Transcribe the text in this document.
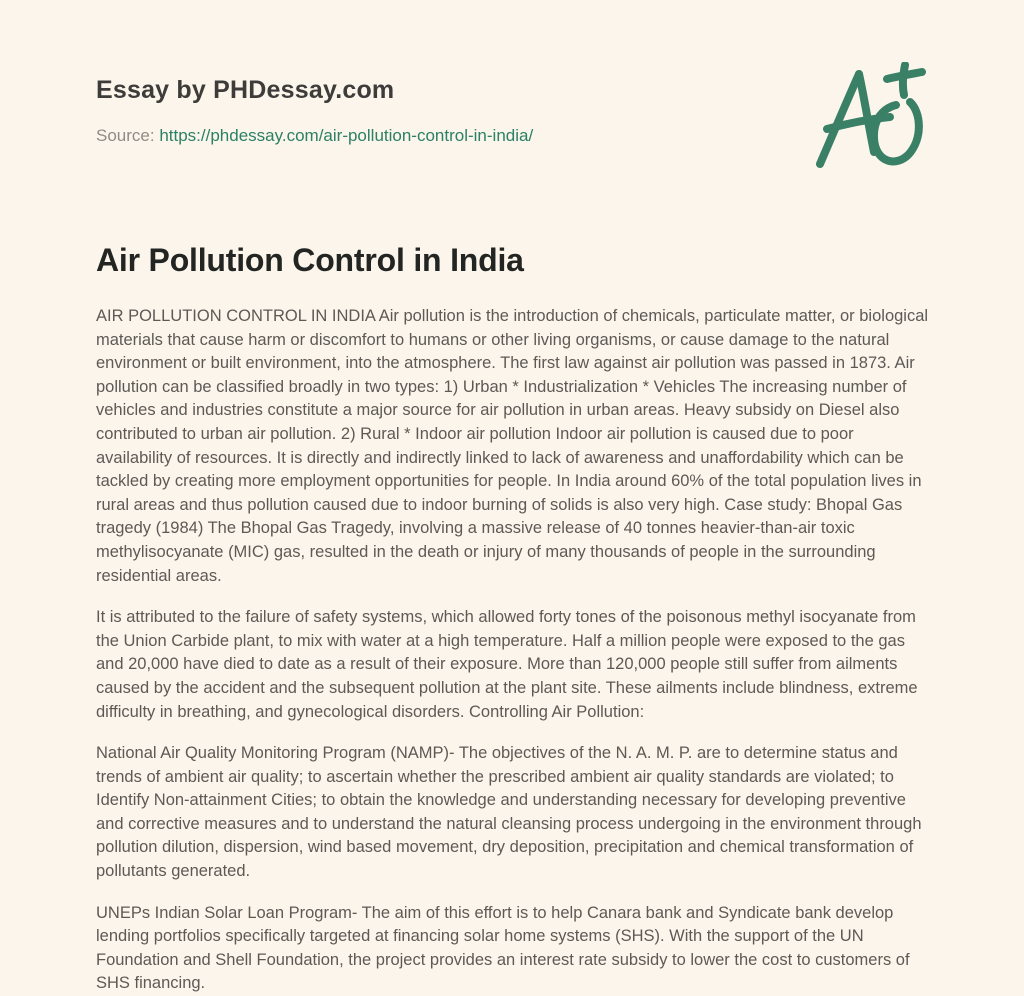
Essay by PHDessay.com
Source: https://phdessay.com/air-pollution-control-in-india/
Air Pollution Control in India

AIR POLLUTION CONTROL IN INDIA Air pollution is the introduction of chemicals, particulate matter, or biological materials that cause harm or discomfort to humans or other living organisms, or cause damage to the natural environment or built environment, into the atmosphere. The first law against air pollution was passed in 1873. Air pollution can be classified broadly in two types: 1) Urban * Industrialization * Vehicles The increasing number of vehicles and industries constitute a major source for air pollution in urban areas. Heavy subsidy on Diesel also contributed to urban air pollution. 2) Rural * Indoor air pollution Indoor air pollution is caused due to poor availability of resources. It is directly and indirectly linked to lack of awareness and unaffordability which can be tackled by creating more employment opportunities for people. In India around 60% of the total population lives in rural areas and thus pollution caused due to indoor burning of solids is also very high. Case study: Bhopal Gas tragedy (1984) The Bhopal Gas Tragedy, involving a massive release of 40 tonnes heavier-than-air toxic methylisocyanate (MIC) gas, resulted in the death or injury of many thousands of people in the surrounding residential areas.

It is attributed to the failure of safety systems, which allowed forty tones of the poisonous methyl isocyanate from the Union Carbide plant, to mix with water at a high temperature. Half a million people were exposed to the gas and 20,000 have died to date as a result of their exposure. More than 120,000 people still suffer from ailments caused by the accident and the subsequent pollution at the plant site. These ailments include blindness, extreme difficulty in breathing, and gynecological disorders. Controlling Air Pollution:

National Air Quality Monitoring Program (NAMP)- The objectives of the N. A. M. P. are to determine status and trends of ambient air quality; to ascertain whether the prescribed ambient air quality standards are violated; to Identify Non-attainment Cities; to obtain the knowledge and understanding necessary for developing preventive and corrective measures and to understand the natural cleansing process undergoing in the environment through pollution dilution, dispersion, wind based movement, dry deposition, precipitation and chemical transformation of pollutants generated.

UNEPs Indian Solar Loan Program- The aim of this effort is to help Canara bank and Syndicate bank develop lending portfolios specifically targeted at financing solar home systems (SHS). With the support of the UN Foundation and Shell Foundation, the project provides an interest rate subsidy to lower the cost to customers of SHS financing.
